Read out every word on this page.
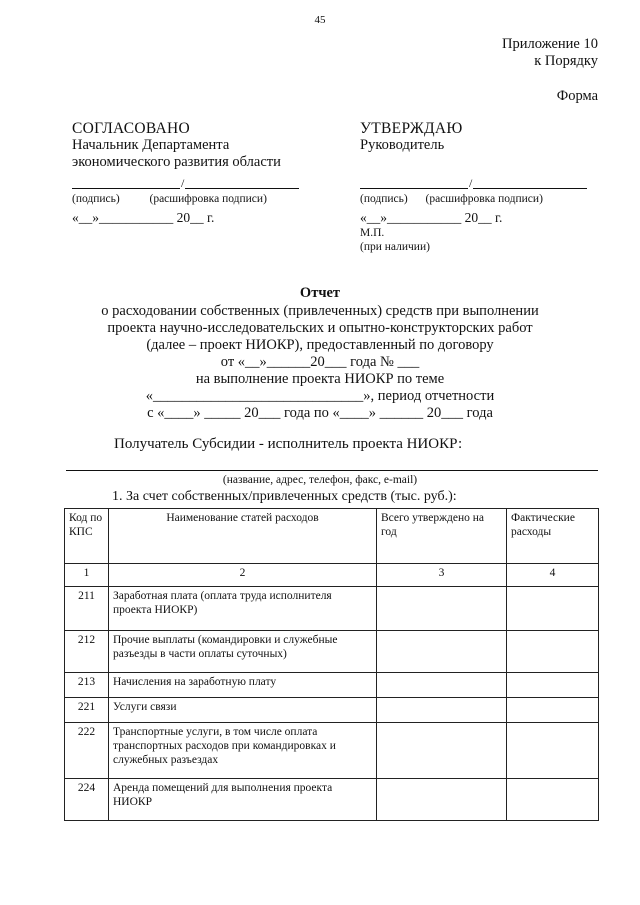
45
Приложение 10
к Порядку
Форма
СОГЛАСОВАНО
Начальник Департамента
экономического развития области
/
(подпись)	(расшифровка подписи)
«__»___________ 20__ г.
УТВЕРЖДАЮ
Руководитель
/
(подпись) (расшифровка подписи)
«__»___________ 20__ г.
М.П.
(при наличии)
Отчет
о расходовании собственных (привлеченных) средств при выполнении
проекта научно-исследовательских и опытно-конструкторских работ
(далее – проект НИОКР), предоставленный по договору
от «__»______20___ года № ___
на выполнение проекта НИОКР по теме
«_____________________________», период отчетности
с «____» _____ 20___ года по «____» ______ 20___ года
Получатель Субсидии - исполнитель проекта НИОКР:
(название, адрес, телефон, факс, e-mail)
1. За счет собственных/привлеченных средств (тыс. руб.):
Код по КПС	Наименование статей расходов	Всего утверждено на год	Фактические расходы
1	2	3	4
211	Заработная плата (оплата труда исполнителя проекта НИОКР)		
212	Прочие выплаты (командировки и служебные разъезды в части оплаты суточных)		
213	Начисления на заработную плату		
221	Услуги связи		
222	Транспортные услуги, в том числе оплата транспортных расходов при командировках и служебных разъездах		
224	Аренда помещений для выполнения проекта НИОКР		
